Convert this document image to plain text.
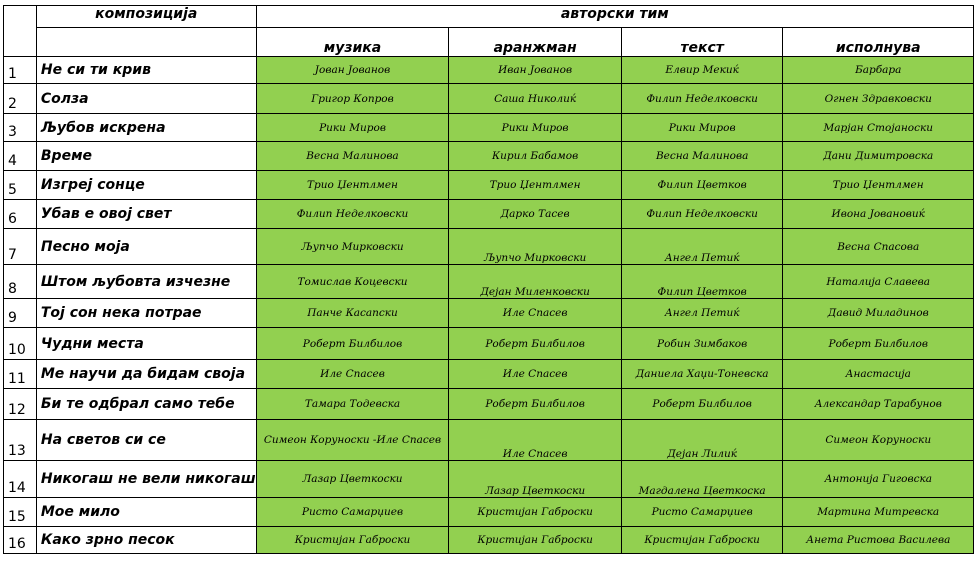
	композиција	авторски тим			
		музика	аранжман	текст	исполнува
1	Не си ти крив	Јован Јованов	Иван Јованов	Елвир Мекиќ	Барбара
2	Солза	Григор Копров	Саша Николиќ	Филип Неделковски	Огнен Здравковски
3	Љубов искрена	Рики Миров	Рики Миров	Рики Миров	Марјан Стојаноски
4	Време	Весна Малинова	Кирил Бабамов	Весна Малинова	Дани Димитровска
5	Изгреј сонце	Трио Џентлмен	Трио Џентлмен	Филип Цветков	Трио Џентлмен
6	Убав е овој свет	Филип Неделковски	Дарко Тасев	Филип Неделковски	Ивона Јовановиќ
7	Песно моја	Љупчо Мирковски	Љупчо Мирковски	Ангел Петиќ	Весна Спасова
8	Штом љубовта изчезне	Томислав Коцевски	Дејан Миленковски	Филип Цветков	Наталија Славева
9	Тој сон нека потрае	Панче Касапски	Иле Спасев	Ангел Петиќ	Давид Миладинов
10	Чудни места	Роберт Билбилов	Роберт Билбилов	Робин Зимбаков	Роберт Билбилов
11	Ме научи да бидам своја	Иле Спасев	Иле Спасев	Даниела Хаџи-Тоневска	Анастасија
12	Би те одбрал само тебе	Тамара Тодевска	Роберт Билбилов	Роберт Билбилов	Александар Тарабунов
13	На светов си се	Симеон Коруноски -Иле Спасев	Иле Спасев	Дејан Лилиќ	Симеон Коруноски
14	Никогаш не вели никогаш	Лазар Цветкоски	Лазар Цветкоски	Магдалена Цветкоска	Антонија Гиговска
15	Мое мило	Ристо Самарџиев	Кристијан Габроски	Ристо Самарџиев	Мартина Митревска
16	Како зрно песок	Кристијан Габроски	Кристијан Габроски	Кристијан Габроски	Анета Ристова Василева
